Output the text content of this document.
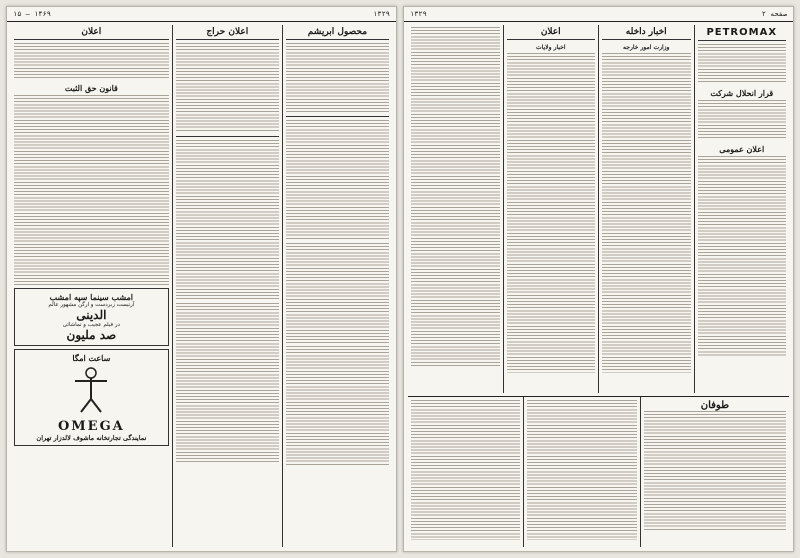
۱۵ — ۱۴۶۹	۱۳۲۹
محصول ابریشم
اعلان حراج
اعلان
قانون حق الثبت
امشب سینما سپه امشب
آرتیست زبردست و ارگن مشهور عالم
الدینی
در فیلم عجیب و تماشائی
صد ملیون
ساعت امگا
OMEGA
نمایندگی تجارتخانه ماشوف لالدزار تهران
۱۳۲۹	صفحه ۲
PETROMAX
قرار انحلال شرکت
اعلان عمومی
اخبار داخله
وزارت امور خارجه
اعلان
اخبار ولایات
طوفان
